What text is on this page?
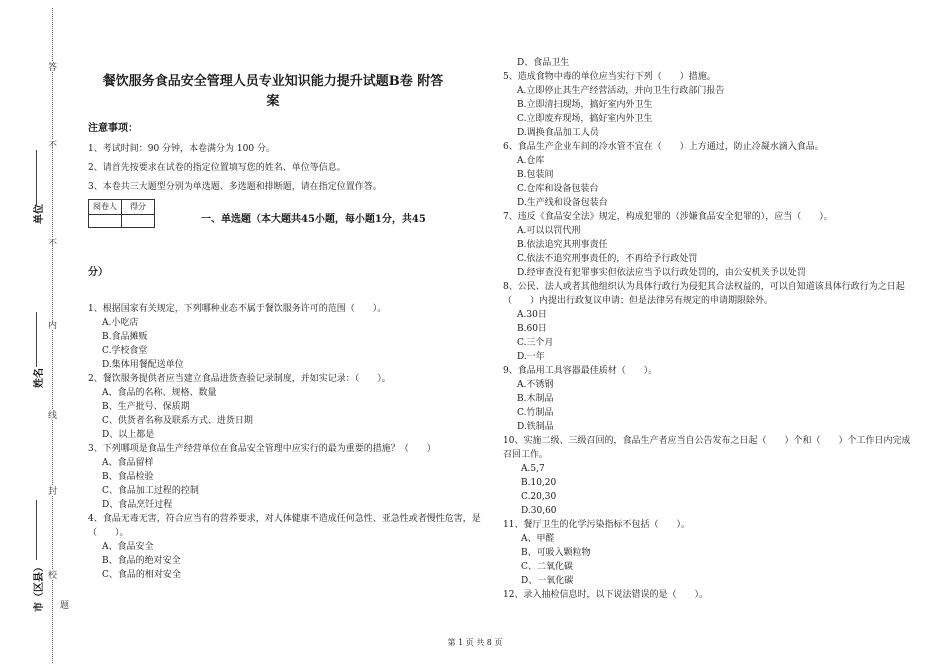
答
不
不
内
线
封
校
题
单位
姓名
市（区县）
餐饮服务食品安全管理人员专业知识能力提升试题B卷 附答
案
注意事项：
1、考试时间：90 分钟，本卷满分为 100 分。
2、请首先按要求在试卷的指定位置填写您的姓名、单位等信息。
3、本卷共三大题型分别为单选题、多选题和排断题，请在指定位置作答。
阅卷人	得分

一、单选题（本大题共45小题，每小题1分，共45
分）

1、根据国家有关规定，下列哪种业态不属于餐饮服务许可的范围（　　）。

A.小吃店

B.食品摊贩

C.学校食堂

D.集体用餐配送单位

2、餐饮服务提供者应当建立食品进货查验记录制度，并如实记录：（　　）。

A、食品的名称、规格、数量

B、生产批号、保质期

C、供货者名称及联系方式、进货日期

D、以上都是

3、下列哪项是食品生产经营单位在食品安全管理中应实行的最为重要的措施？（　　）

A、食品留样

B、食品检验

C、食品加工过程的控制

D、食品烹饪过程

4、食品无毒无害，符合应当有的营养要求，对人体健康不造成任何急性、亚急性或者慢性危害，是（　　）。

A、食品安全

B、食品的绝对安全

C、食品的相对安全

D、食品卫生

5、造成食物中毒的单位应当实行下列（　　）措施。

A.立即停止其生产经营活动，并向卫生行政部门报告

B.立即清扫现场，搞好室内外卫生

C.立即废弃现场，搞好室内外卫生

D.调换食品加工人员

6、食品生产企业车间的冷水管不宜在（　　）上方通过，防止冷凝水滴入食品。

A.仓库

B.包装间

C.仓库和设备包装台

D.生产线和设备包装台

7、违反《食品安全法》规定，构成犯罪的（涉嫌食品安全犯罪的），应当（　　）。

A.可以以罚代刑

B.依法追究其刑事责任

C.依法不追究刑事责任的，不再给予行政处罚

D.经审查没有犯罪事实但依法应当予以行政处罚的，由公安机关予以处罚

8、公民、法人或者其他组织认为具体行政行为侵犯其合法权益的，可以自知道该具体行政行为之日起（　　）内提出行政复议申请；但是法律另有规定的申请期限除外。

A.30日

B.60日

C.三个月

D.一年

9、食品用工具容器最佳质材（　　）。

A.不锈钢

B.木制品

C.竹制品

D.铁制品

10、实施二级、三级召回的，食品生产者应当自公告发布之日起（　　）个和（　　）个工作日内完成召回工作。

A.5,7

B.10,20

C.20,30

D.30,60

11、餐厅卫生的化学污染指标不包括（　　）。

A、甲醛

B、可吸入颗粒物

C、二氧化碳

D、一氧化碳

12、录入抽检信息时，以下说法错误的是（　　）。

第 1 页 共 8 页
